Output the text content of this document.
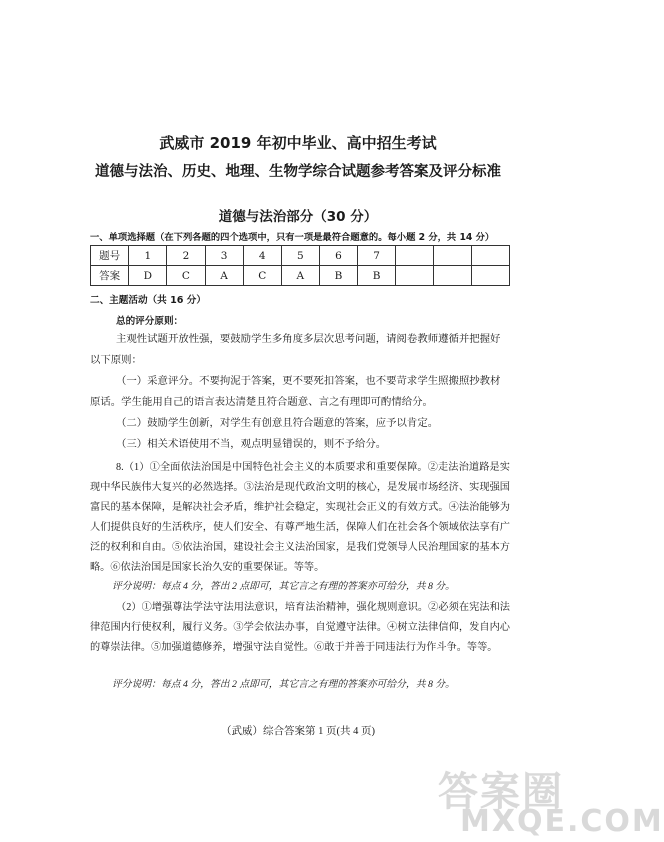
武威市 2019 年初中毕业、高中招生考试
道德与法治、历史、地理、生物学综合试题参考答案及评分标准
道德与法治部分（30 分）
一、单项选择题（在下列各题的四个选项中，只有一项是最符合题意的。每小题 2 分，共 14 分）
题号	1	2	3	4	5	6	7			
答案	D	C	A	C	A	B	B			
二、主题活动（共 16 分）
总的评分原则：
主观性试题开放性强，要鼓励学生多角度多层次思考问题，请阅卷教师遵循并把握好以下原则：
（一）采意评分。不要拘泥于答案，更不要死扣答案，也不要苛求学生照搬照抄教材原话。学生能用自己的语言表达清楚且符合题意、言之有理即可酌情给分。
（二）鼓励学生创新，对学生有创意且符合题意的答案，应予以肯定。
（三）相关术语使用不当，观点明显错误的，则不予给分。
8.（1）①全面依法治国是中国特色社会主义的本质要求和重要保障。②走法治道路是实现中华民族伟大复兴的必然选择。③法治是现代政治文明的核心，是发展市场经济、实现强国富民的基本保障，是解决社会矛盾，维护社会稳定，实现社会正义的有效方式。④法治能够为人们提供良好的生活秩序，使人们安全、有尊严地生活，保障人们在社会各个领域依法享有广泛的权利和自由。⑤依法治国，建设社会主义法治国家，是我们党领导人民治理国家的基本方略。⑥依法治国是国家长治久安的重要保证。等等。
评分说明：每点 4 分，答出 2 点即可，其它言之有理的答案亦可给分，共 8 分。
（2）①增强尊法学法守法用法意识，培育法治精神，强化规则意识。②必须在宪法和法律范围内行使权利，履行义务。③学会依法办事，自觉遵守法律。④树立法律信仰，发自内心的尊崇法律。⑤加强道德修养，增强守法自觉性。⑥敢于并善于同违法行为作斗争。等等。
评分说明：每点 4 分，答出 2 点即可，其它言之有理的答案亦可给分，共 8 分。
（武威）综合答案第 1 页(共 4 页)
答案圈
MXQE.COM
